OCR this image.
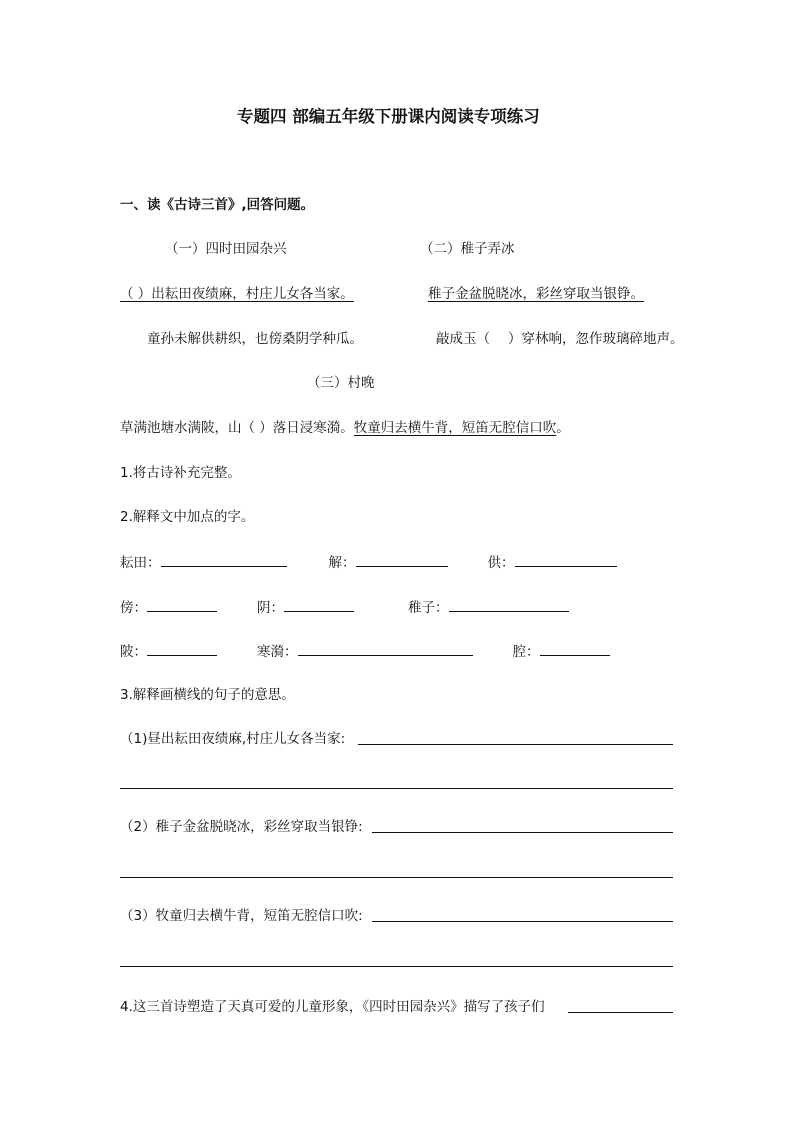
专题四 部编五年级下册课内阅读专项练习
一、读《古诗三首》,回答问题。
（一）四时田园杂兴	（二）稚子弄冰
（ ）出耘田夜绩麻，村庄儿女各当家。	稚子金盆脱晓冰，彩丝穿取当银铮。
童孙未解供耕织，也傍桑阴学种瓜。	敲成玉（ ）穿林响，忽作玻璃碎地声。
（三）村晚
草满池塘水满陂，山（ ）落日浸寒漪。牧童归去横牛背，短笛无腔信口吹。
1.将古诗补充完整。
2.解释文中加点的字。
耘田：	解：	供：
傍：	阴：	稚子：
陂：	寒漪：	腔：
3.解释画横线的句子的意思。
（1)昼出耘田夜绩麻,村庄儿女各当家:
（2）稚子金盆脱晓冰，彩丝穿取当银铮:
（3）牧童归去横牛背，短笛无腔信口吹:
4.这三首诗塑造了天真可爱的儿童形象，《四时田园杂兴》描写了孩子们
